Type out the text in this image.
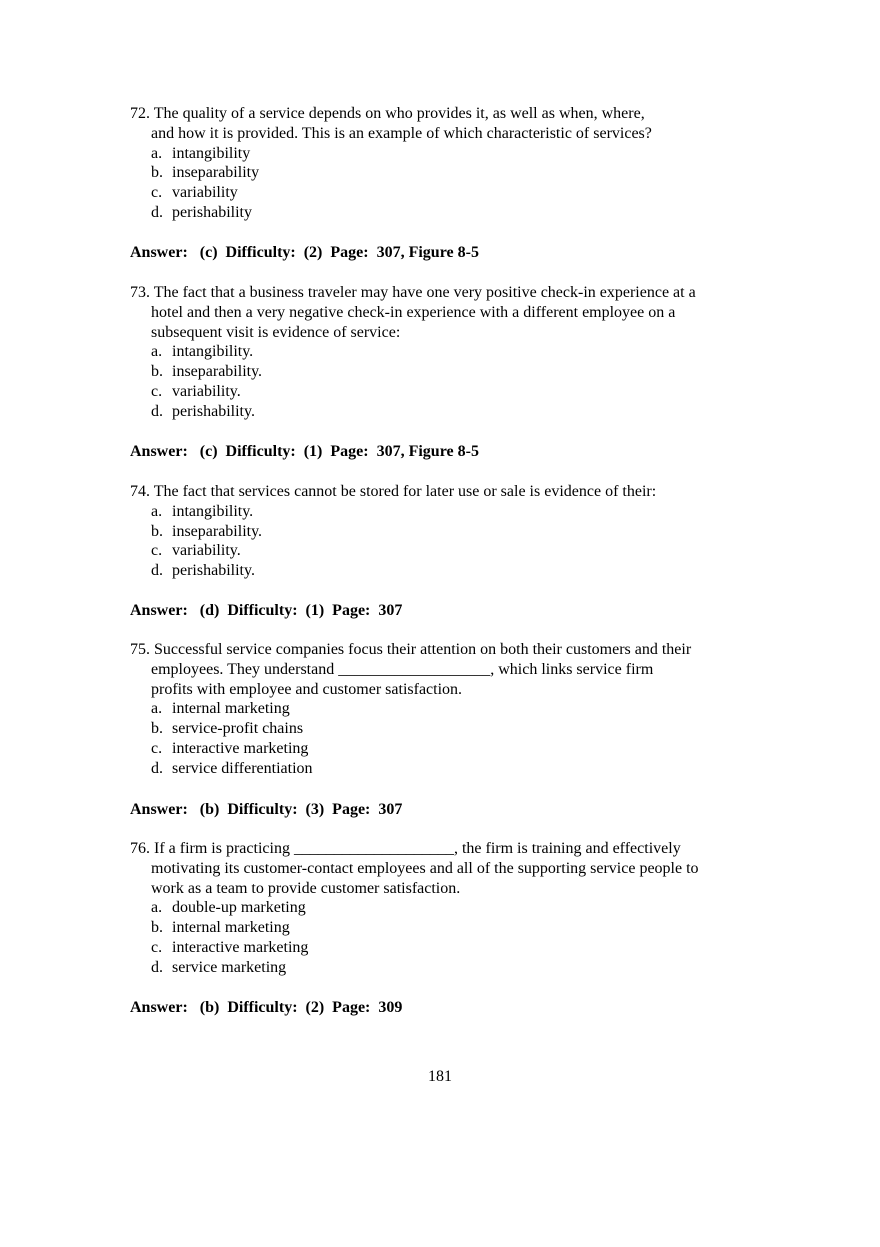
72. The quality of a service depends on who provides it, as well as when, where,
and how it is provided. This is an example of which characteristic of services?
a. intangibility
b. inseparability
c. variability
d. perishability
Answer:   (c)  Difficulty:  (2)  Page:  307, Figure 8-5
73. The fact that a business traveler may have one very positive check-in experience at a
hotel and then a very negative check-in experience with a different employee on a
subsequent visit is evidence of service:
a. intangibility.
b. inseparability.
c. variability.
d. perishability.
Answer:   (c)  Difficulty:  (1)  Page:  307, Figure 8-5
74. The fact that services cannot be stored for later use or sale is evidence of their:
a. intangibility.
b. inseparability.
c. variability.
d. perishability.
Answer:   (d)  Difficulty:  (1)  Page:  307
75. Successful service companies focus their attention on both their customers and their
employees. They understand ___________________, which links service firm
profits with employee and customer satisfaction.
a. internal marketing
b. service-profit chains
c. interactive marketing
d. service differentiation
Answer:   (b)  Difficulty:  (3)  Page:  307
76. If a firm is practicing ____________________, the firm is training and effectively
motivating its customer-contact employees and all of the supporting service people to
work as a team to provide customer satisfaction.
a. double-up marketing
b. internal marketing
c. interactive marketing
d. service marketing
Answer:   (b)  Difficulty:  (2)  Page:  309
181
